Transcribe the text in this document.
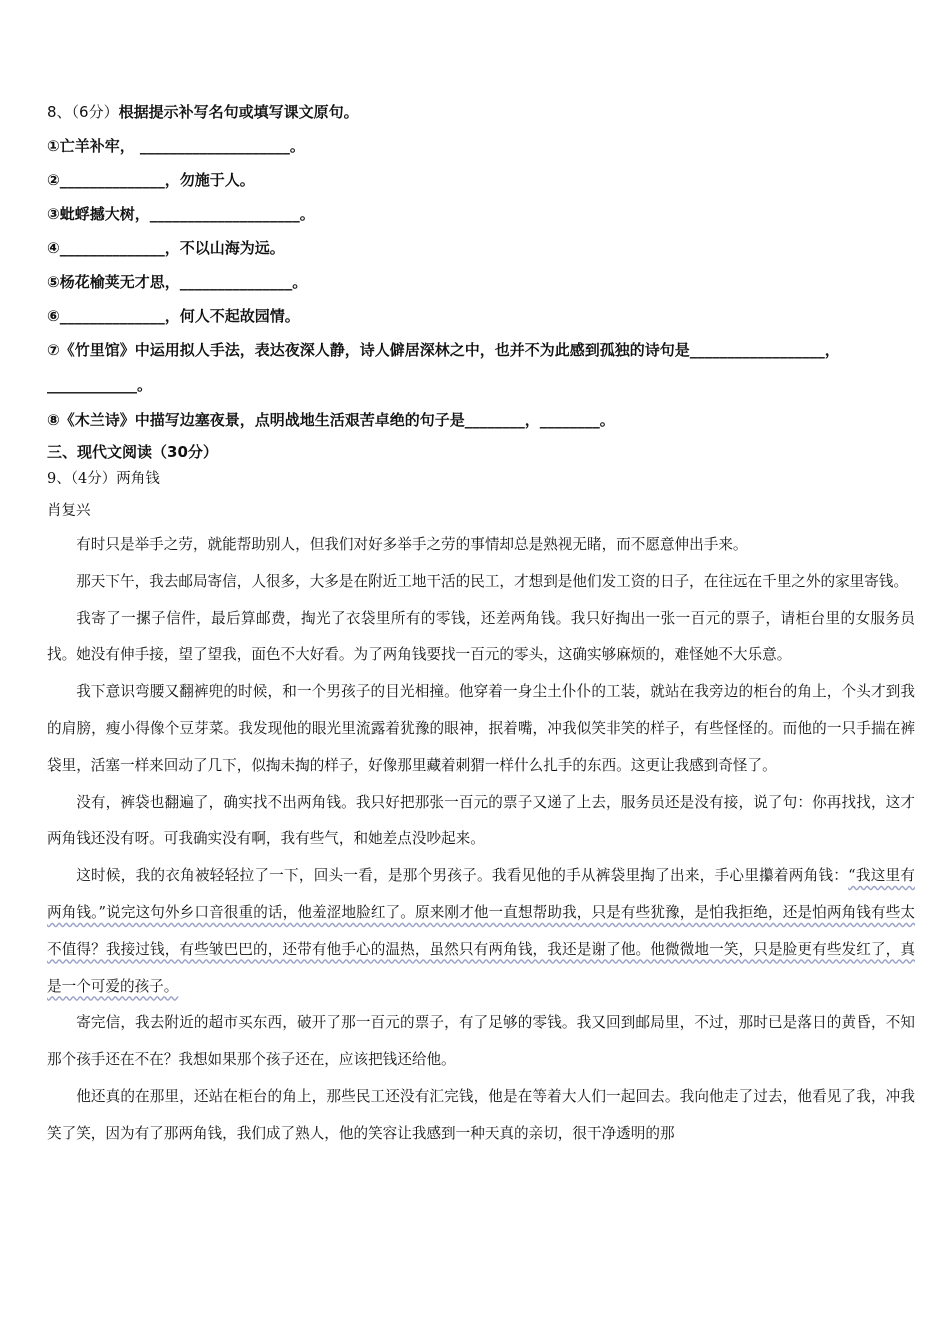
8、（6分）根据提示补写名句或填写课文原句。
①亡羊补牢， ____________________。
②______________，勿施于人。
③蚍蜉撼大树，____________________。
④______________，不以山海为远。
⑤杨花榆荚无才思，_______________。
⑥______________，何人不起故园情。
⑦《竹里馆》中运用拟人手法，表达夜深人静，诗人僻居深林之中，也并不为此感到孤独的诗句是__________________，____________。
⑧《木兰诗》中描写边塞夜景，点明战地生活艰苦卓绝的句子是________，________。
三、现代文阅读（30分）
9、（4分）两角钱
肖复兴

有时只是举手之劳，就能帮助别人，但我们对好多举手之劳的事情却总是熟视无睹，而不愿意伸出手来。

那天下午，我去邮局寄信，人很多，大多是在附近工地干活的民工，才想到是他们发工资的日子，在往远在千里之外的家里寄钱。

我寄了一摞子信件，最后算邮费，掏光了衣袋里所有的零钱，还差两角钱。我只好掏出一张一百元的票子，请柜台里的女服务员找。她没有伸手接，望了望我，面色不大好看。为了两角钱要找一百元的零头，这确实够麻烦的，难怪她不大乐意。

我下意识弯腰又翻裤兜的时候，和一个男孩子的目光相撞。他穿着一身尘土仆仆的工装，就站在我旁边的柜台的角上，个头才到我的肩膀，瘦小得像个豆芽菜。我发现他的眼光里流露着犹豫的眼神，抿着嘴，冲我似笑非笑的样子，有些怪怪的。而他的一只手揣在裤袋里，活塞一样来回动了几下，似掏未掏的样子，好像那里藏着刺猬一样什么扎手的东西。这更让我感到奇怪了。

没有，裤袋也翻遍了，确实找不出两角钱。我只好把那张一百元的票子又递了上去，服务员还是没有接，说了句：你再找找，这才两角钱还没有呀。可我确实没有啊，我有些气，和她差点没吵起来。

这时候，我的衣角被轻轻拉了一下，回头一看，是那个男孩子。我看见他的手从裤袋里掏了出来，手心里攥着两角钱：“我这里有两角钱。”说完这句外乡口音很重的话，他羞涩地脸红了。原来刚才他一直想帮助我，只是有些犹豫，是怕我拒绝，还是怕两角钱有些太不值得？我接过钱，有些皱巴巴的，还带有他手心的温热，虽然只有两角钱，我还是谢了他。他微微地一笑，只是脸更有些发红了，真是一个可爱的孩子。

寄完信，我去附近的超市买东西，破开了那一百元的票子，有了足够的零钱。我又回到邮局里，不过，那时已是落日的黄昏，不知那个孩手还在不在？我想如果那个孩子还在，应该把钱还给他。

他还真的在那里，还站在柜台的角上，那些民工还没有汇完钱，他是在等着大人们一起回去。我向他走了过去，他看见了我，冲我笑了笑，因为有了那两角钱，我们成了熟人，他的笑容让我感到一种天真的亲切，很干净透明的那
